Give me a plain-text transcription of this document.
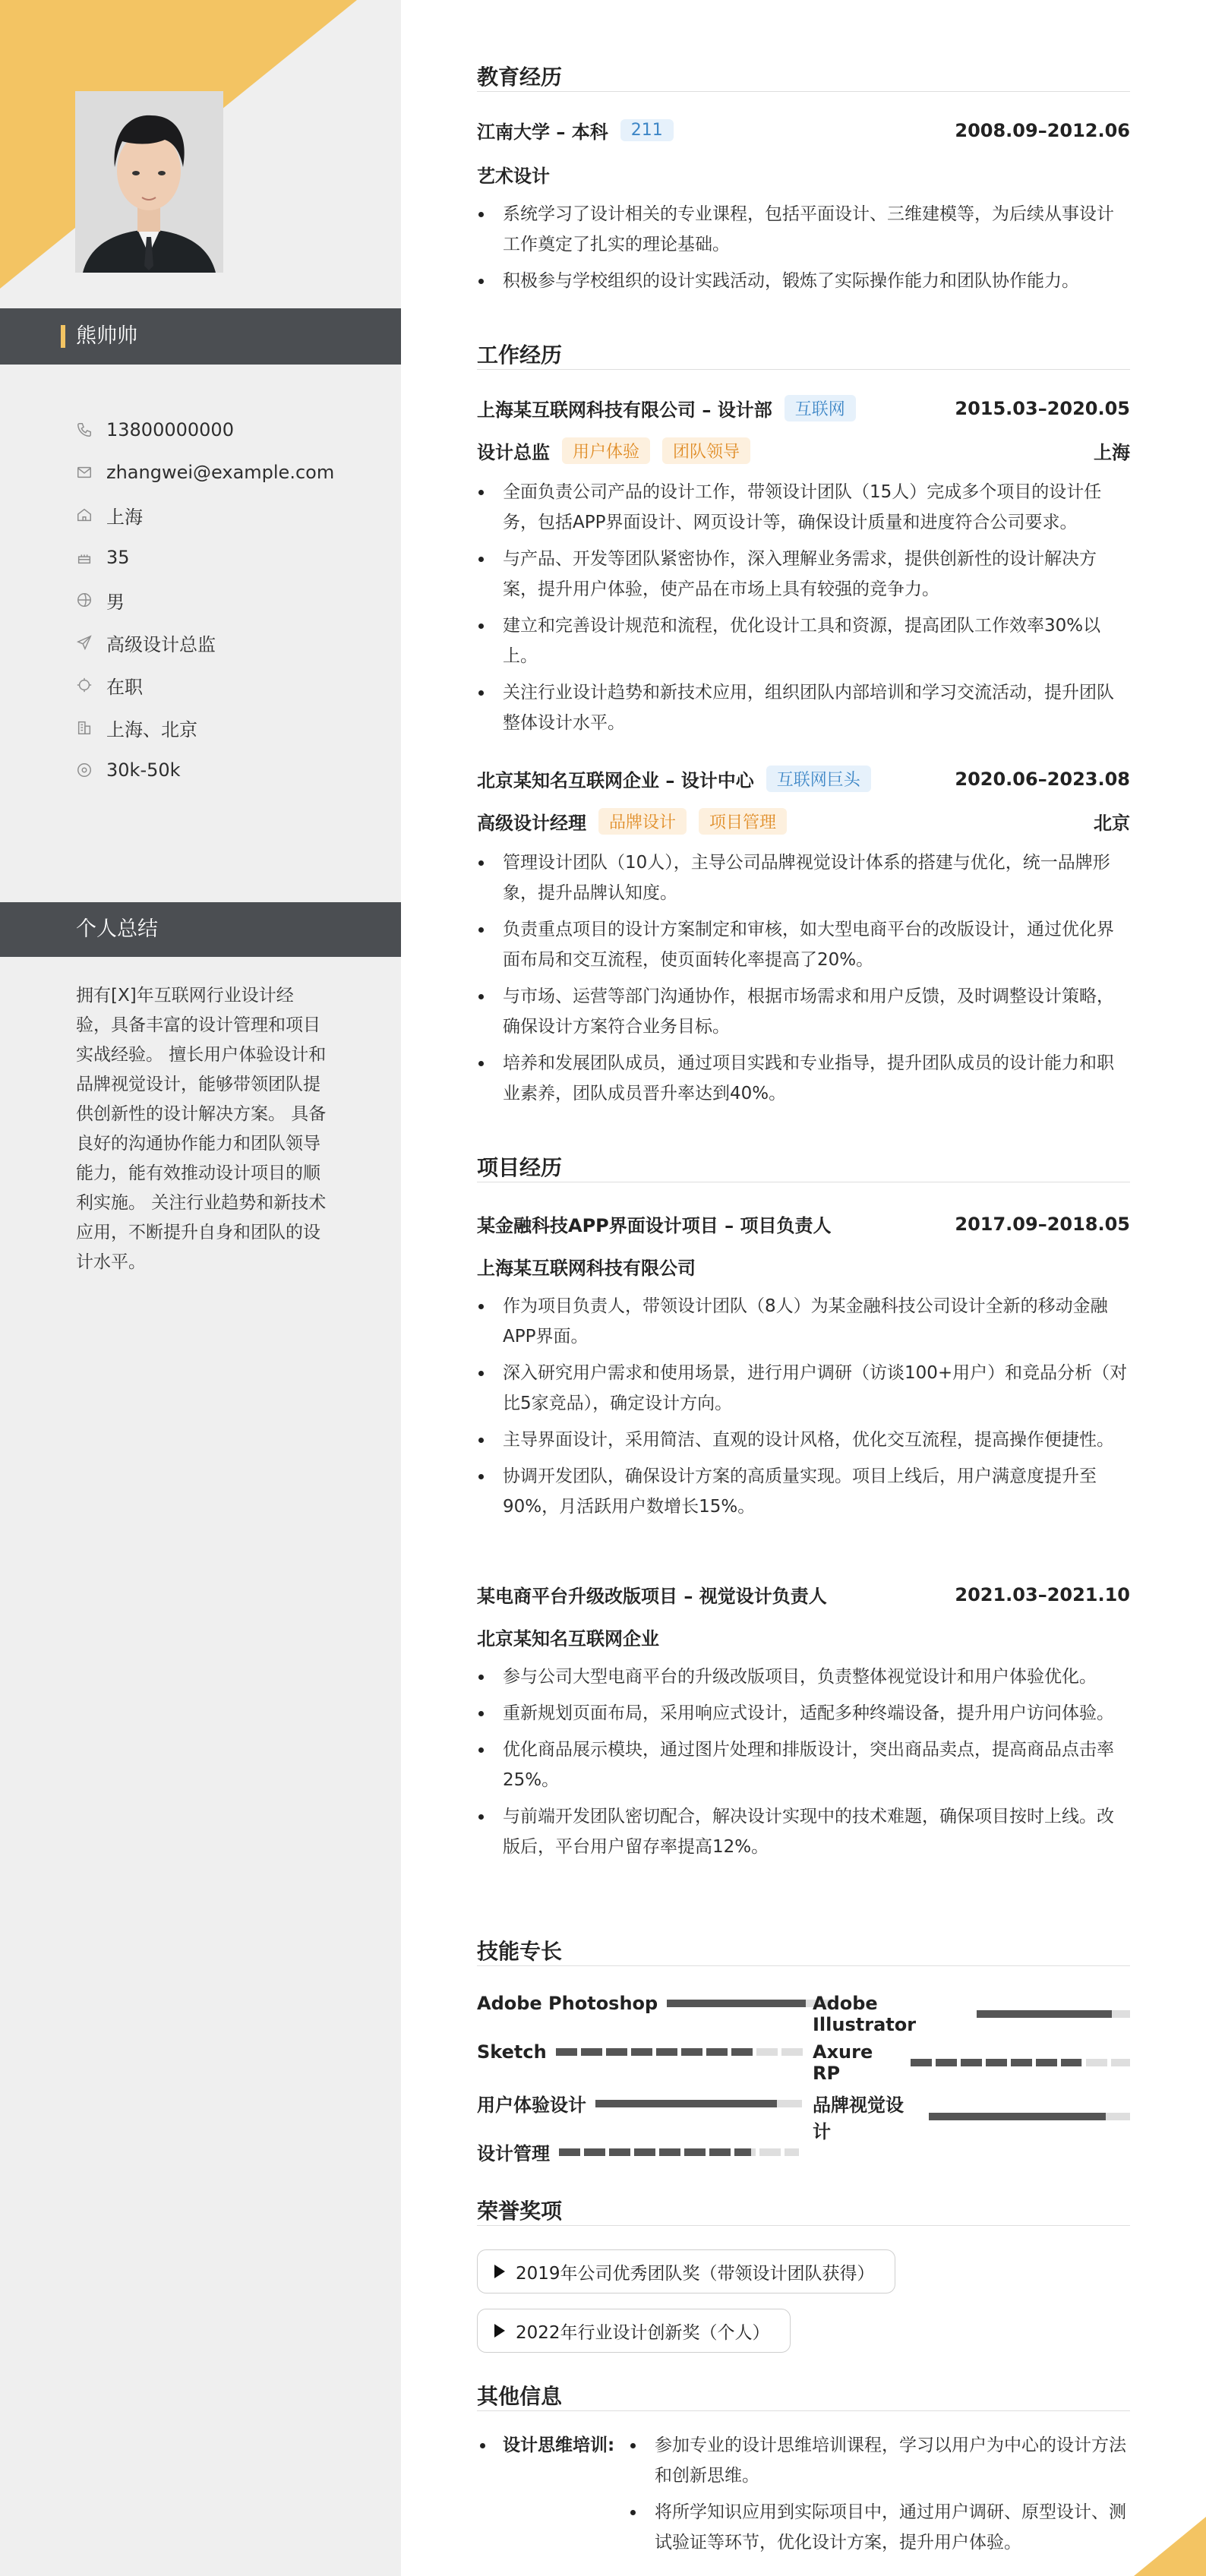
熊帅帅
13800000000
zhangwei@example.com
上海
35
男
高级设计总监
在职
上海、北京
30k-50k
个人总结
拥有[X]年互联网行业设计经验，具备丰富的设计管理和项目实战经验。 擅长用户体验设计和品牌视觉设计，能够带领团队提供创新性的设计解决方案。 具备良好的沟通协作能力和团队领导能力，能有效推动设计项目的顺利实施。 关注行业趋势和新技术应用，不断提升自身和团队的设计水平。
教育经历
江南大学 – 本科	211	2008.09–2012.06
艺术设计
系统学习了设计相关的专业课程，包括平面设计、三维建模等，为后续从事设计工作奠定了扎实的理论基础。
积极参与学校组织的设计实践活动，锻炼了实际操作能力和团队协作能力。
工作经历
上海某互联网科技有限公司 – 设计部	互联网	2015.03–2020.05
设计总监	用户体验	团队领导	上海
全面负责公司产品的设计工作，带领设计团队（15人）完成多个项目的设计任务，包括APP界面设计、网页设计等，确保设计质量和进度符合公司要求。
与产品、开发等团队紧密协作，深入理解业务需求，提供创新性的设计解决方案，提升用户体验，使产品在市场上具有较强的竞争力。
建立和完善设计规范和流程，优化设计工具和资源，提高团队工作效率30%以上。
关注行业设计趋势和新技术应用，组织团队内部培训和学习交流活动，提升团队整体设计水平。
北京某知名互联网企业 – 设计中心	互联网巨头	2020.06–2023.08
高级设计经理	品牌设计	项目管理	北京
管理设计团队（10人），主导公司品牌视觉设计体系的搭建与优化，统一品牌形象，提升品牌认知度。
负责重点项目的设计方案制定和审核，如大型电商平台的改版设计，通过优化界面布局和交互流程，使页面转化率提高了20%。
与市场、运营等部门沟通协作，根据市场需求和用户反馈，及时调整设计策略，确保设计方案符合业务目标。
培养和发展团队成员，通过项目实践和专业指导，提升团队成员的设计能力和职业素养，团队成员晋升率达到40%。
项目经历
某金融科技APP界面设计项目 – 项目负责人	2017.09–2018.05
上海某互联网科技有限公司
作为项目负责人，带领设计团队（8人）为某金融科技公司设计全新的移动金融APP界面。
深入研究用户需求和使用场景，进行用户调研（访谈100+用户）和竞品分析（对比5家竞品），确定设计方向。
主导界面设计，采用简洁、直观的设计风格，优化交互流程，提高操作便捷性。
协调开发团队，确保设计方案的高质量实现。项目上线后，用户满意度提升至90%，月活跃用户数增长15%。
某电商平台升级改版项目 – 视觉设计负责人	2021.03–2021.10
北京某知名互联网企业
参与公司大型电商平台的升级改版项目，负责整体视觉设计和用户体验优化。
重新规划页面布局，采用响应式设计，适配多种终端设备，提升用户访问体验。
优化商品展示模块，通过图片处理和排版设计，突出商品卖点，提高商品点击率25%。
与前端开发团队密切配合，解决设计实现中的技术难题，确保项目按时上线。改版后，平台用户留存率提高12%。
技能专长
Adobe Photoshop	Adobe Illustrator
Sketch	Axure RP
用户体验设计	品牌视觉设计
设计管理
荣誉奖项
2019年公司优秀团队奖（带领设计团队获得）
2022年行业设计创新奖（个人）
其他信息
设计思维培训:	参加专业的设计思维培训课程，学习以用户为中心的设计方法和创新思维。
将所学知识应用到实际项目中，通过用户调研、原型设计、测试验证等环节，优化设计方案，提升用户体验。
